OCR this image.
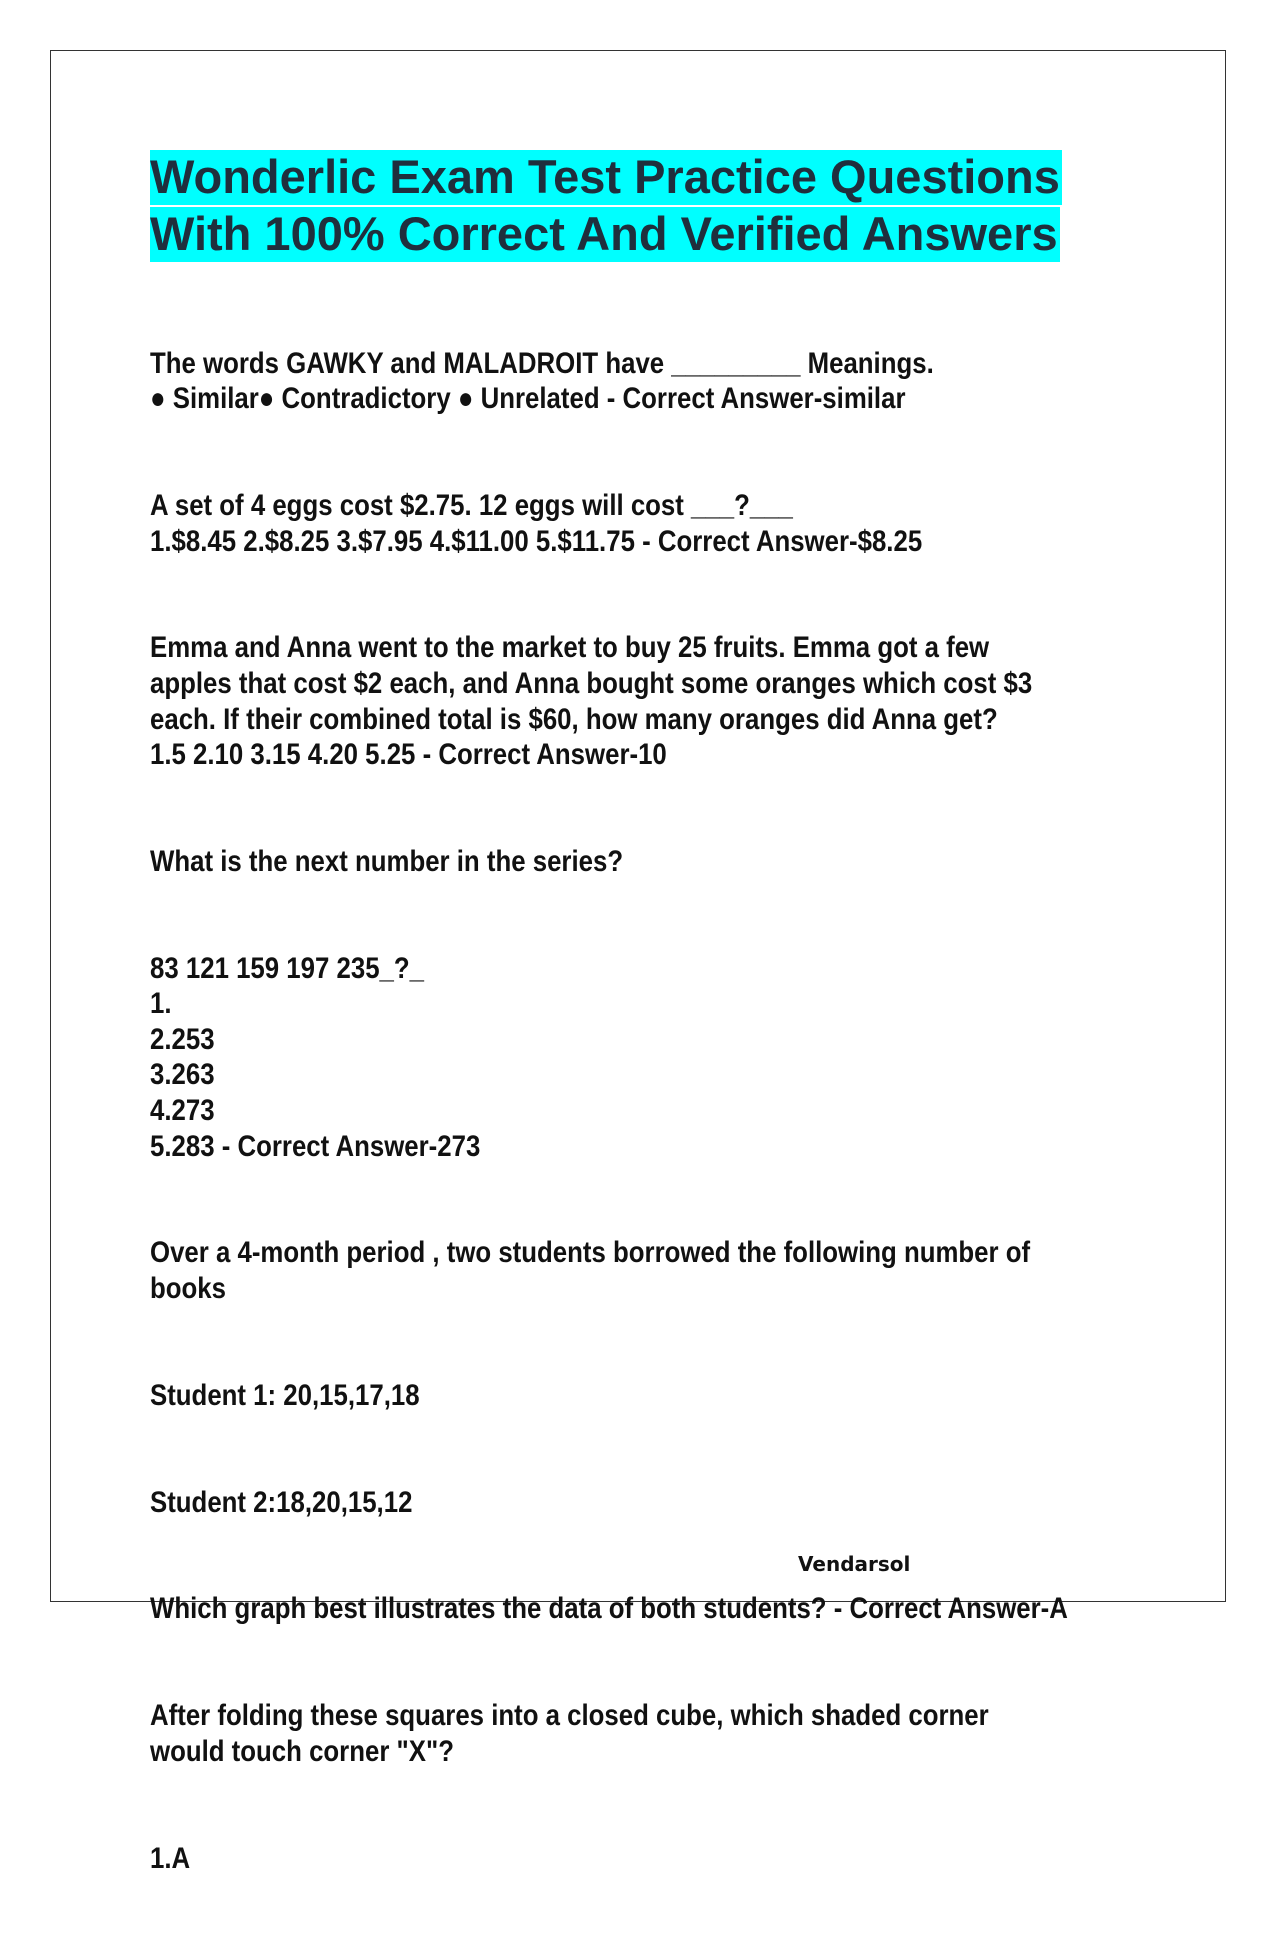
Wonderlic Exam Test Practice Questions With 100% Correct And Verified Answers

The words GAWKY and MALADROIT have _________ Meanings.
● Similar● Contradictory ● Unrelated - Correct Answer-similar

A set of 4 eggs cost $2.75. 12 eggs will cost ___?___
1.$8.45 2.$8.25 3.$7.95 4.$11.00 5.$11.75 - Correct Answer-$8.25

Emma and Anna went to the market to buy 25 fruits. Emma got a few
apples that cost $2 each, and Anna bought some oranges which cost $3
each. If their combined total is $60, how many oranges did Anna get?
1.5 2.10 3.15 4.20 5.25 - Correct Answer-10

What is the next number in the series?

83 121 159 197 235_?_
1.
2.253
3.263
4.273
5.283 - Correct Answer-273

Over a 4-month period , two students borrowed the following number of
books

Student 1: 20,15,17,18

Student 2:18,20,15,12

Which graph best illustrates the data of both students? - Correct Answer-A

After folding these squares into a closed cube, which shaded corner
would touch corner "X"?

1.A

Vendarsol
